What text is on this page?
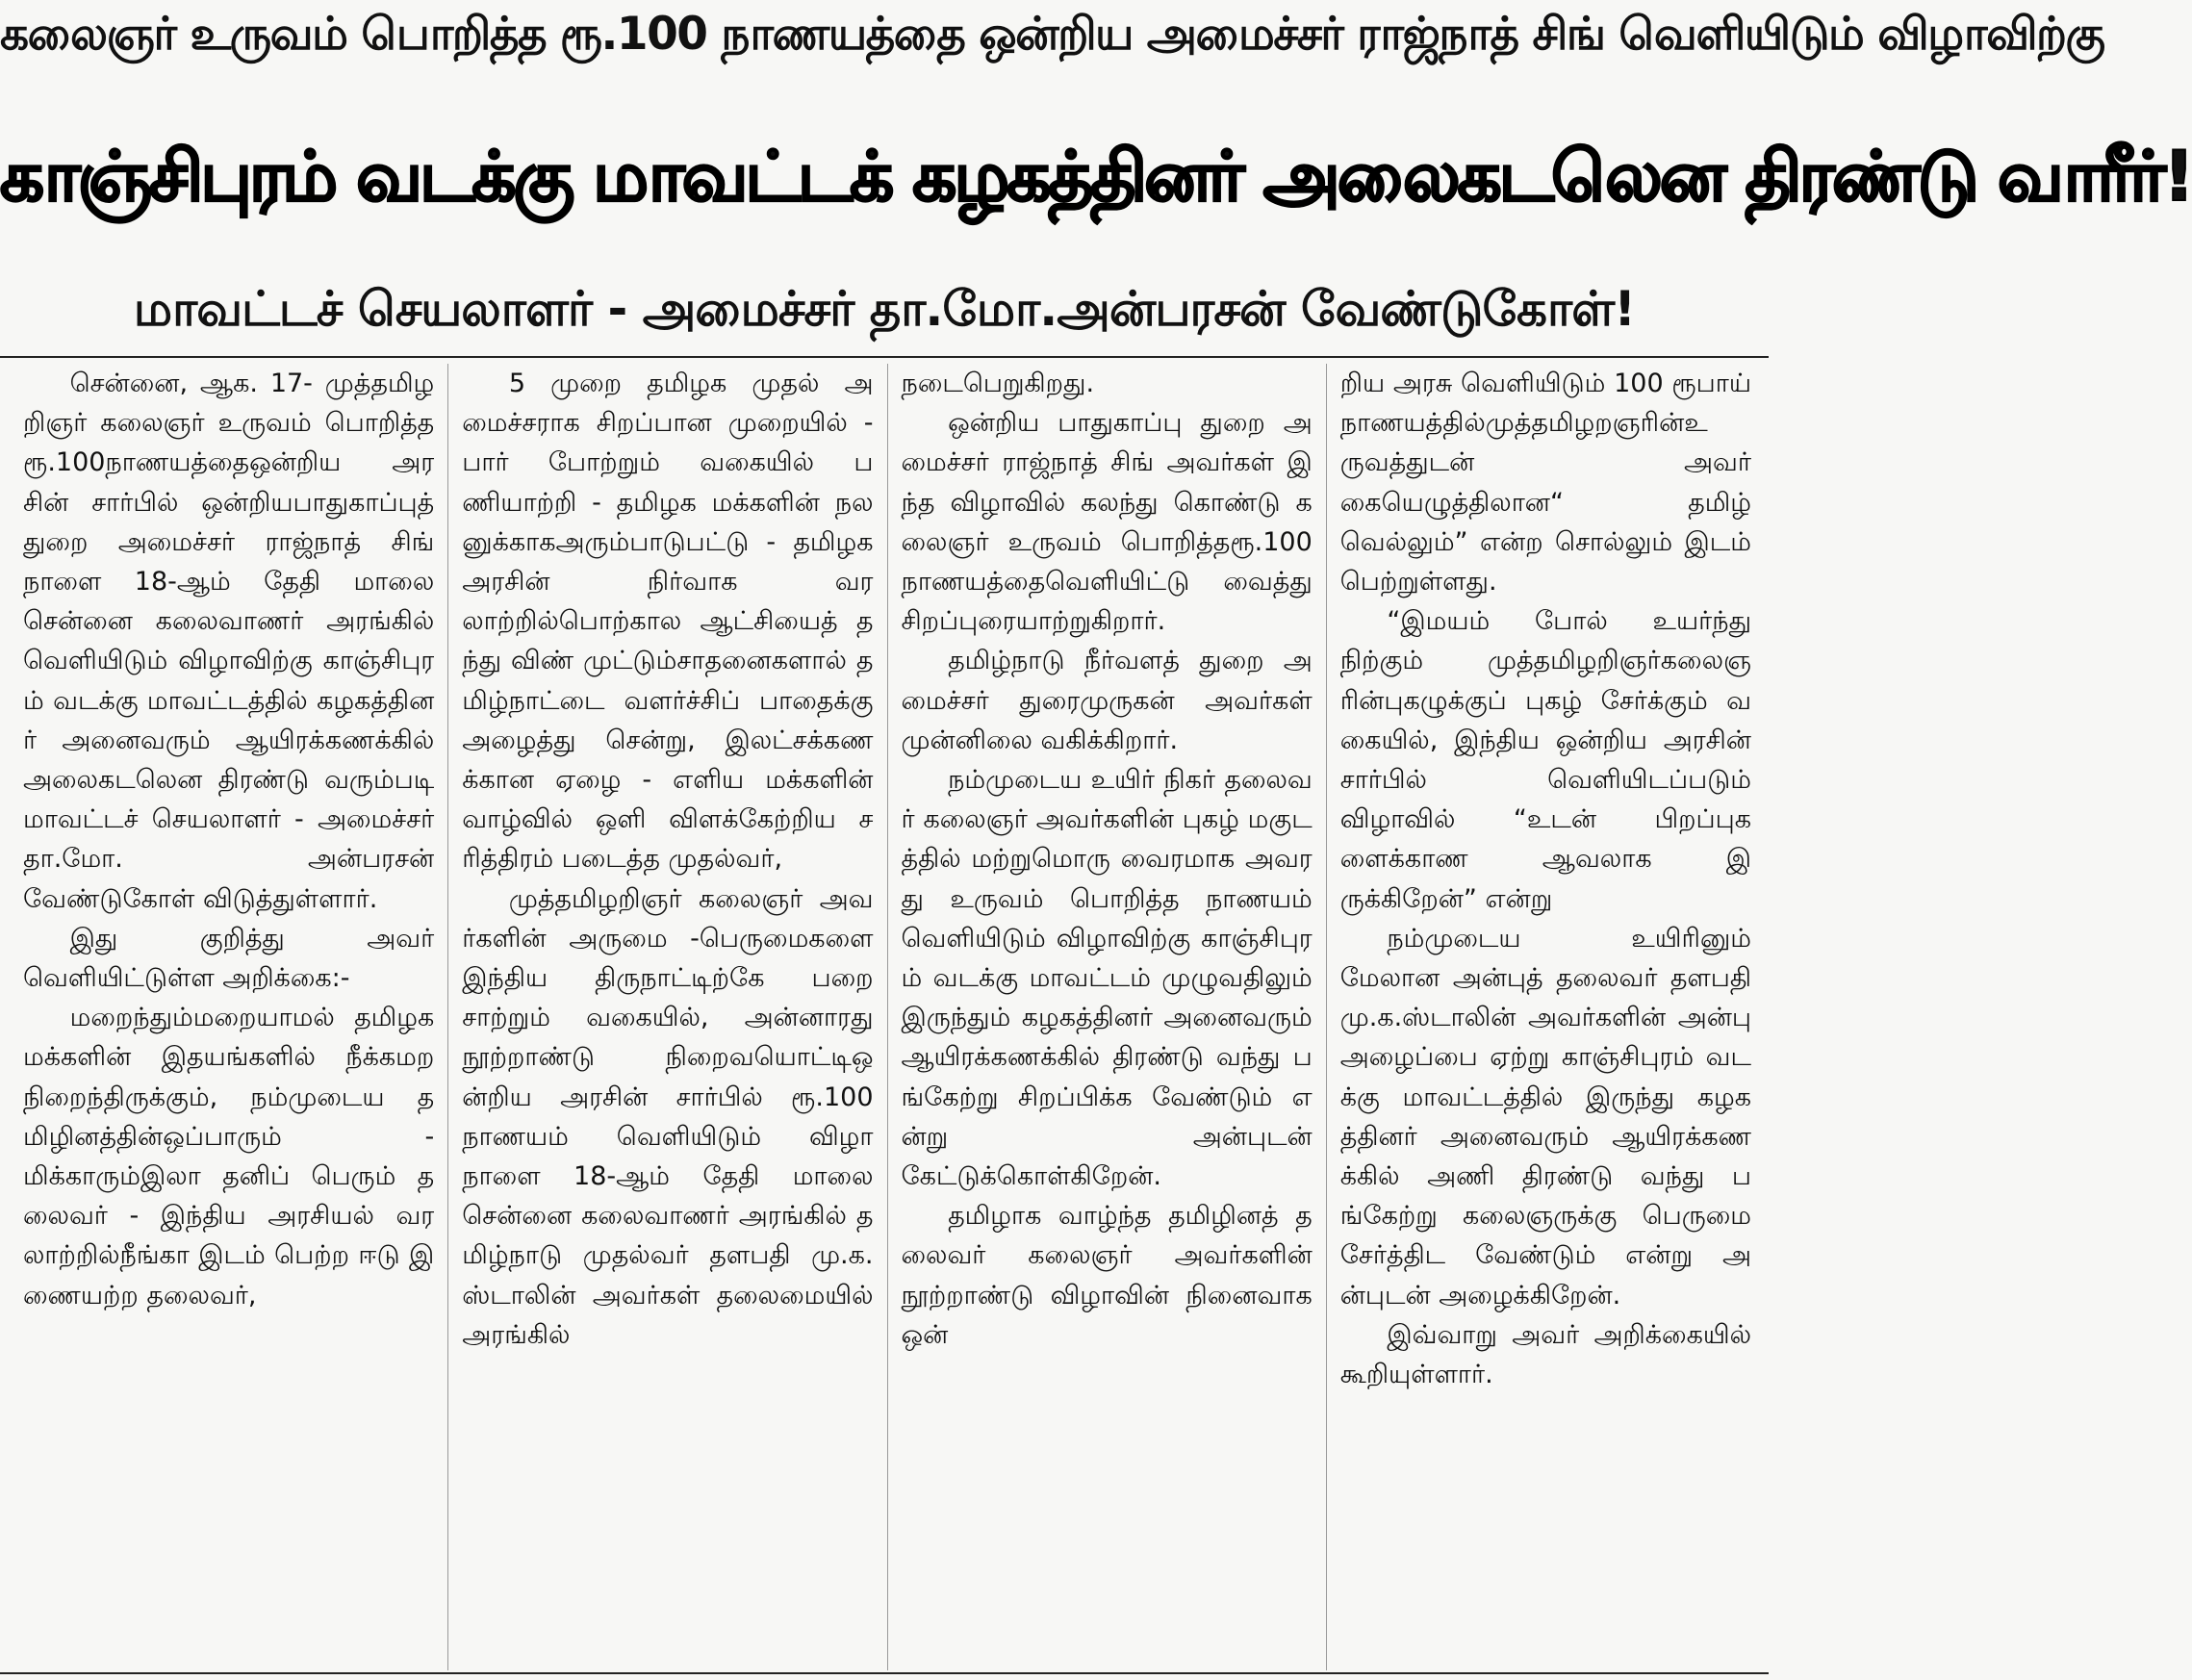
கலைஞர் உருவம் பொறித்த ரூ.100 நாணயத்தை ஒன்றிய அமைச்சர் ராஜ்நாத் சிங் வெளியிடும் விழாவிற்கு
காஞ்சிபுரம் வடக்கு மாவட்டக் கழகத்தினர் அலைகடலென திரண்டு வாரீர்!
மாவட்டச் செயலாளர் - அமைச்சர் தா.மோ.அன்பரசன் வேண்டுகோள்!

சென்னை, ஆக. 17- முத்தமிழறிஞர் கலைஞர் உருவம் பொறித்த ரூ.100நாணயத்தைஒன்றிய அரசின் சார்பில் ஒன்றியபாதுகாப்புத் துறை அமைச்சர் ராஜ்நாத் சிங் நாளை 18-ஆம் தேதி மாலை சென்னை கலைவாணர் அரங்கில் வெளியிடும் விழாவிற்கு காஞ்சிபுரம் வடக்கு மாவட்டத்தில் கழகத்தினர் அனைவரும் ஆயிரக்கணக்கில் அலைகடலென திரண்டு வரும்படி மாவட்டச் செயலாளர் - அமைச்சர் தா.மோ. அன்பரசன் வேண்டுகோள் விடுத்துள்ளார்.

இது குறித்து அவர் வெளியிட்டுள்ள அறிக்கை:-

மறைந்தும்மறையாமல் தமிழக மக்களின் இதயங்களில் நீக்கமற நிறைந்திருக்கும், நம்முடைய தமிழினத்தின்ஒப்பாரும் - மிக்காரும்இலா தனிப் பெரும் தலைவர் - இந்திய அரசியல் வரலாற்றில்நீங்கா இடம் பெற்ற ஈடு இணையற்ற தலைவர்,

5 முறை தமிழக முதல் அமைச்சராக சிறப்பான முறையில் - பார் போற்றும் வகையில் பணியாற்றி - தமிழக மக்களின் நலனுக்காகஅரும்பாடுபட்டு - தமிழக அரசின் நிர்வாக வரலாற்றில்பொற்கால ஆட்சியைத் தந்து விண் முட்டும்சாதனைகளால் தமிழ்நாட்டை வளர்ச்சிப் பாதைக்கு அழைத்து சென்று, இலட்சக்கணக்கான ஏழை - எளிய மக்களின் வாழ்வில் ஒளி விளக்கேற்றிய சரித்திரம் படைத்த முதல்வர்,

முத்தமிழறிஞர் கலைஞர் அவர்களின் அருமை -பெருமைகளை இந்திய திருநாட்டிற்கே பறை சாற்றும் வகையில், அன்னாரது நூற்றாண்டு நிறைவயொட்டிஒன்றிய அரசின் சார்பில் ரூ.100 நாணயம் வெளியிடும் விழா நாளை 18-ஆம் தேதி மாலை சென்னை கலைவாணர் அரங்கில் தமிழ்நாடு முதல்வர் தளபதி மு.க.ஸ்டாலின் அவர்கள் தலைமையில் அரங்கில்

நடைபெறுகிறது.

ஒன்றிய பாதுகாப்பு துறை அமைச்சர் ராஜ்நாத் சிங் அவர்கள் இந்த விழாவில் கலந்து கொண்டு கலைஞர் உருவம் பொறித்தரூ.100நாணயத்தைவெளியிட்டு வைத்து சிறப்புரையாற்றுகிறார்.

தமிழ்நாடு நீர்வளத் துறை அமைச்சர் துரைமுருகன் அவர்கள் முன்னிலை வகிக்கிறார்.

நம்முடைய உயிர் நிகர் தலைவர் கலைஞர் அவர்களின் புகழ் மகுடத்தில் மற்றுமொரு வைரமாக அவரது உருவம் பொறித்த நாணயம் வெளியிடும் விழாவிற்கு காஞ்சிபுரம் வடக்கு மாவட்டம் முழுவதிலும் இருந்தும் கழகத்தினர் அனைவரும் ஆயிரக்கணக்கில் திரண்டு வந்து பங்கேற்று சிறப்பிக்க வேண்டும் என்று அன்புடன் கேட்டுக்கொள்கிறேன்.

தமிழாக வாழ்ந்த தமிழினத் தலைவர் கலைஞர் அவர்களின் நூற்றாண்டு விழாவின் நினைவாக ஒன்

றிய அரசு வெளியிடும் 100 ரூபாய் நாணயத்தில்முத்தமிழறஞரின்உருவத்துடன் அவர் கையெழுத்திலான“ தமிழ் வெல்லும்” என்ற சொல்லும் இடம் பெற்றுள்ளது.

“இமயம் போல் உயர்ந்து நிற்கும் முத்தமிழறிஞர்கலைஞரின்புகழுக்குப் புகழ் சேர்க்கும் வகையில், இந்திய ஒன்றிய அரசின் சார்பில் வெளியிடப்படும் விழாவில் “உடன் பிறப்புகளைக்காண ஆவலாக இருக்கிறேன்” என்று

நம்முடைய உயிரினும் மேலான அன்புத் தலைவர் தளபதி மு.க.ஸ்டாலின் அவர்களின் அன்பு அழைப்பை ஏற்று காஞ்சிபுரம் வடக்கு மாவட்டத்தில் இருந்து கழகத்தினர் அனைவரும் ஆயிரக்கணக்கில் அணி திரண்டு வந்து பங்கேற்று கலைஞருக்கு பெருமை சேர்த்திட வேண்டும் என்று அன்புடன் அழைக்கிறேன்.

இவ்வாறு அவர் அறிக்கையில் கூறியுள்ளார்.
